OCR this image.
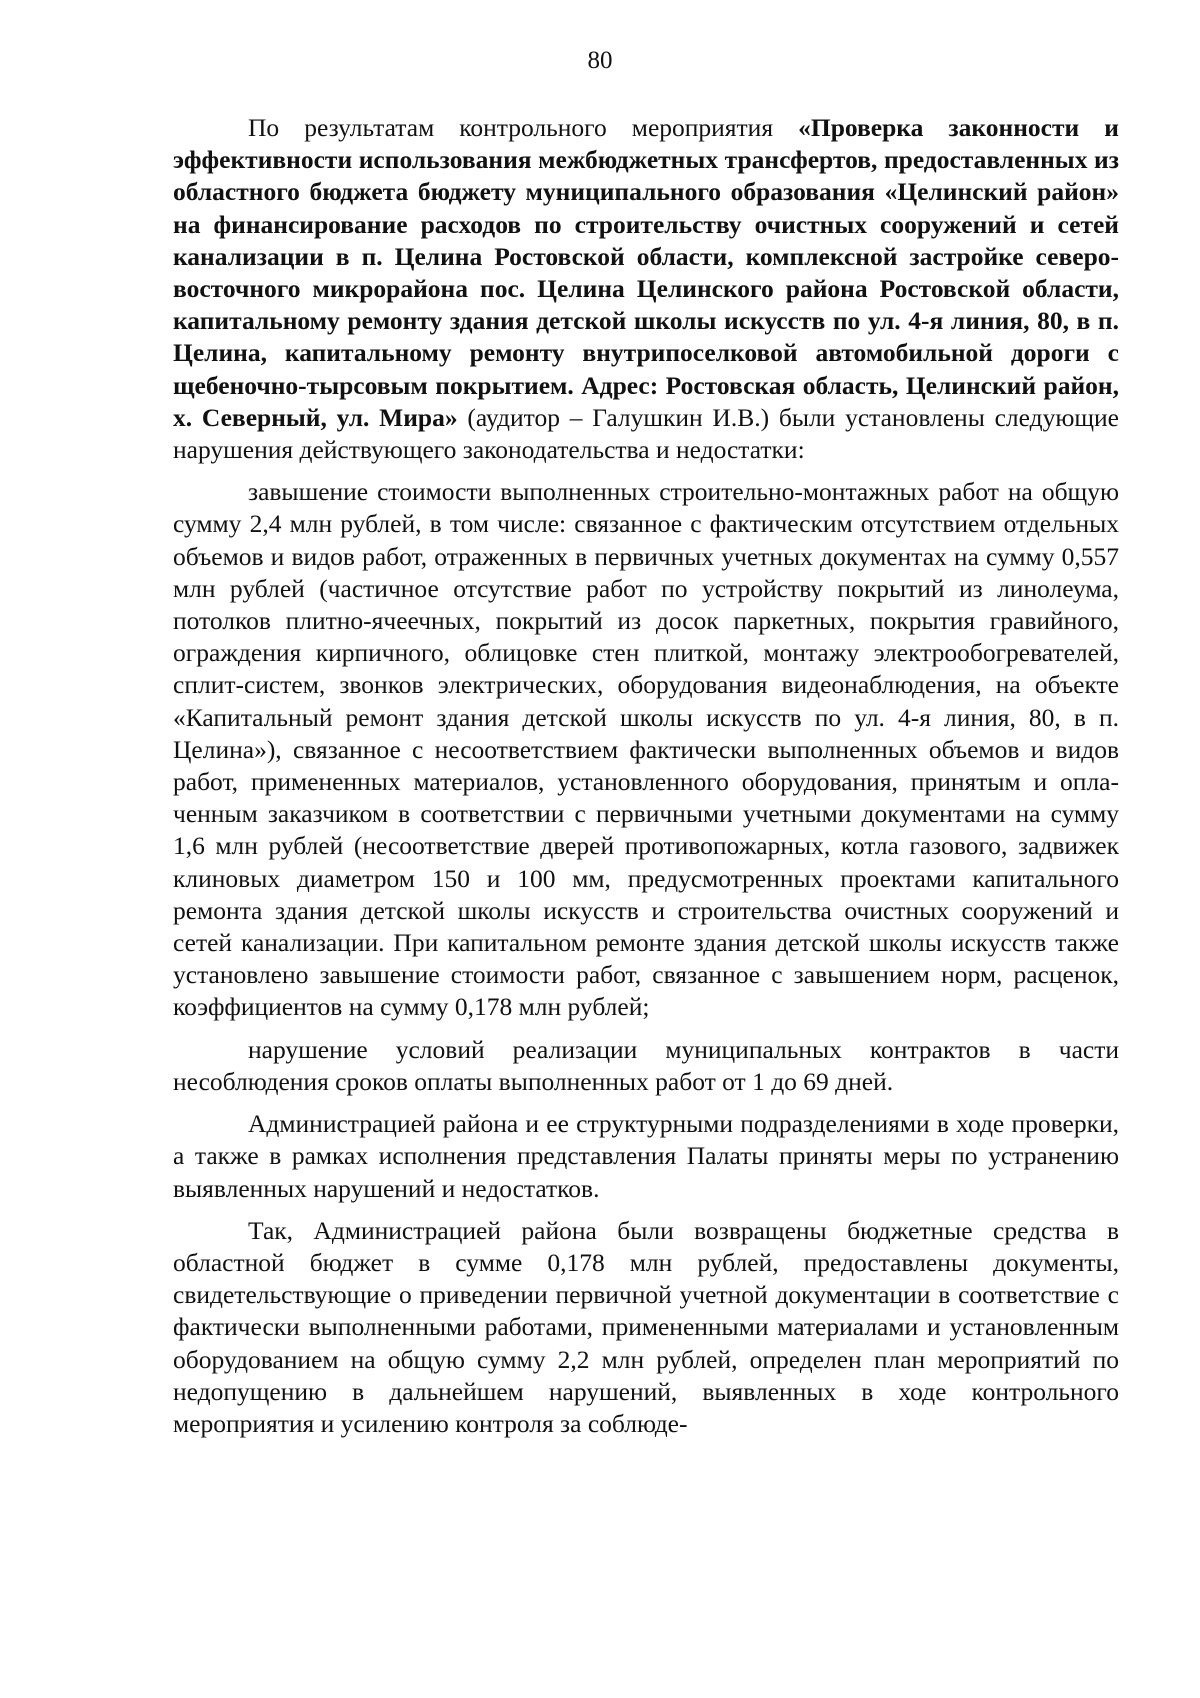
80

По результатам контрольного мероприятия «Проверка законности и эффективности использования межбюджетных трансфертов, предоставленных из областного бюджета бюджету муниципального образования «Целинский район» на финансирование расходов по строительству очистных сооружений и сетей канализации в п. Целина Ростовской области, комплексной застройке северо-восточного микрорайона пос. Целина Целинского района Ростовской области, капитальному ремонту здания детской школы искусств по ул. 4-я линия, 80, в п. Целина, капитальному ремонту внутрипоселковой автомобильной дороги с щебеночно-тырсовым покрытием. Адрес: Ростовская область, Целинский район, х. Северный, ул. Мира» (аудитор – Галушкин И.В.) были установлены следующие нарушения действующего законодательства и недостатки:

завышение стоимости выполненных строительно-монтажных работ на общую сумму 2,4 млн рублей, в том числе: связанное с фактическим отсутствием отдельных объемов и видов работ, отраженных в первичных учетных документах на сумму 0,557 млн рублей (частичное отсутствие работ по устройству покрытий из линолеума, потолков плитно-ячеечных, покрытий из досок паркетных, покрытия гравийного, ограждения кирпичного, облицовке стен плиткой, монтажу электрообогревателей, сплит-систем, звонков электрических, оборудования видеонаблюдения, на объекте «Капитальный ремонт здания детской школы искусств по ул. 4-я линия, 80, в п. Целина»), связанное с несоответствием фактически выполненных объемов и видов работ, примененных материалов, установленного оборудования, принятым и оплаченным заказчиком в соответствии с первичными учетными документами на сумму 1,6 млн рублей (несоответствие дверей противопожарных, котла газового, задвижек клиновых диаметром 150 и 100 мм, предусмотренных проектами капитального ремонта здания детской школы искусств и строительства очистных сооружений и сетей канализации. При капитальном ремонте здания детской школы искусств также установлено завышение стоимости работ, связанное с завышением норм, расценок, коэффициентов на сумму 0,178 млн рублей;

нарушение условий реализации муниципальных контрактов в части несоблюдения сроков оплаты выполненных работ от 1 до 69 дней.

Администрацией района и ее структурными подразделениями в ходе проверки, а также в рамках исполнения представления Палаты приняты меры по устранению выявленных нарушений и недостатков.

Так, Администрацией района были возвращены бюджетные средства в областной бюджет в сумме 0,178 млн рублей, предоставлены документы, свидетельствующие о приведении первичной учетной документации в соответствие с фактически выполненными работами, примененными материалами и установленным оборудованием на общую сумму 2,2 млн рублей, определен план мероприятий по недопущению в дальнейшем нарушений, выявленных в ходе контрольного мероприятия и усилению контроля за соблюде-
